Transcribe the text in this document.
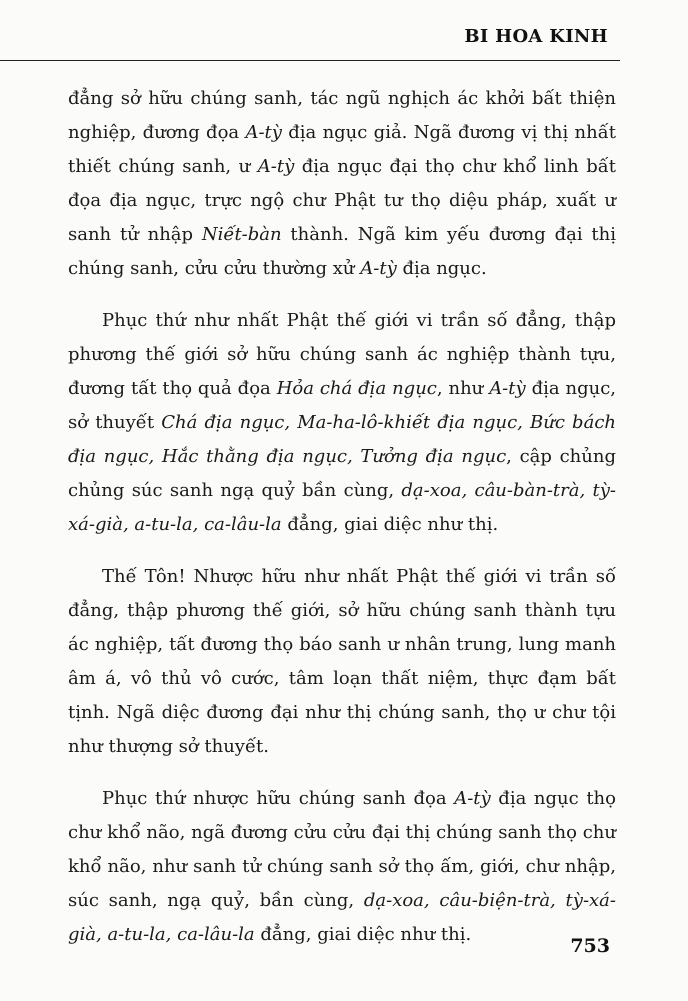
BI HOA KINH

đẳng sở hữu chúng sanh, tác ngũ nghịch ác khởi bất thiện nghiệp, đương đọa A-tỳ địa ngục giả. Ngã đương vị thị nhất thiết chúng sanh, ư A-tỳ địa ngục đại thọ chư khổ linh bất đọa địa ngục, trực ngộ chư Phật tư thọ diệu pháp, xuất ư sanh tử nhập Niết-bàn thành. Ngã kim yếu đương đại thị chúng sanh, cửu cửu thường xử A-tỳ địa ngục.

Phục thứ như nhất Phật thế giới vi trần số đẳng, thập phương thế giới sở hữu chúng sanh ác nghiệp thành tựu, đương tất thọ quả đọa Hỏa chá địa ngục, như A-tỳ địa ngục, sở thuyết Chá địa ngục, Ma-ha-lô-khiết địa ngục, Bức bách địa ngục, Hắc thằng địa ngục, Tưởng địa ngục, cập chủng chủng súc sanh ngạ quỷ bần cùng, dạ-xoa, câu-bàn-trà, tỳ-xá-già, a-tu-la, ca-lâu-la đẳng, giai diệc như thị.

Thế Tôn! Nhược hữu như nhất Phật thế giới vi trần số đẳng, thập phương thế giới, sở hữu chúng sanh thành tựu ác nghiệp, tất đương thọ báo sanh ư nhân trung, lung manh âm á, vô thủ vô cước, tâm loạn thất niệm, thực đạm bất tịnh. Ngã diệc đương đại như thị chúng sanh, thọ ư chư tội như thượng sở thuyết.

Phục thứ nhược hữu chúng sanh đọa A-tỳ địa ngục thọ chư khổ não, ngã đương cửu cửu đại thị chúng sanh thọ chư khổ não, như sanh tử chúng sanh sở thọ ấm, giới, chư nhập, súc sanh, ngạ quỷ, bần cùng, dạ-xoa, câu-biện-trà, tỳ-xá-già, a-tu-la, ca-lâu-la đẳng, giai diệc như thị.

753
